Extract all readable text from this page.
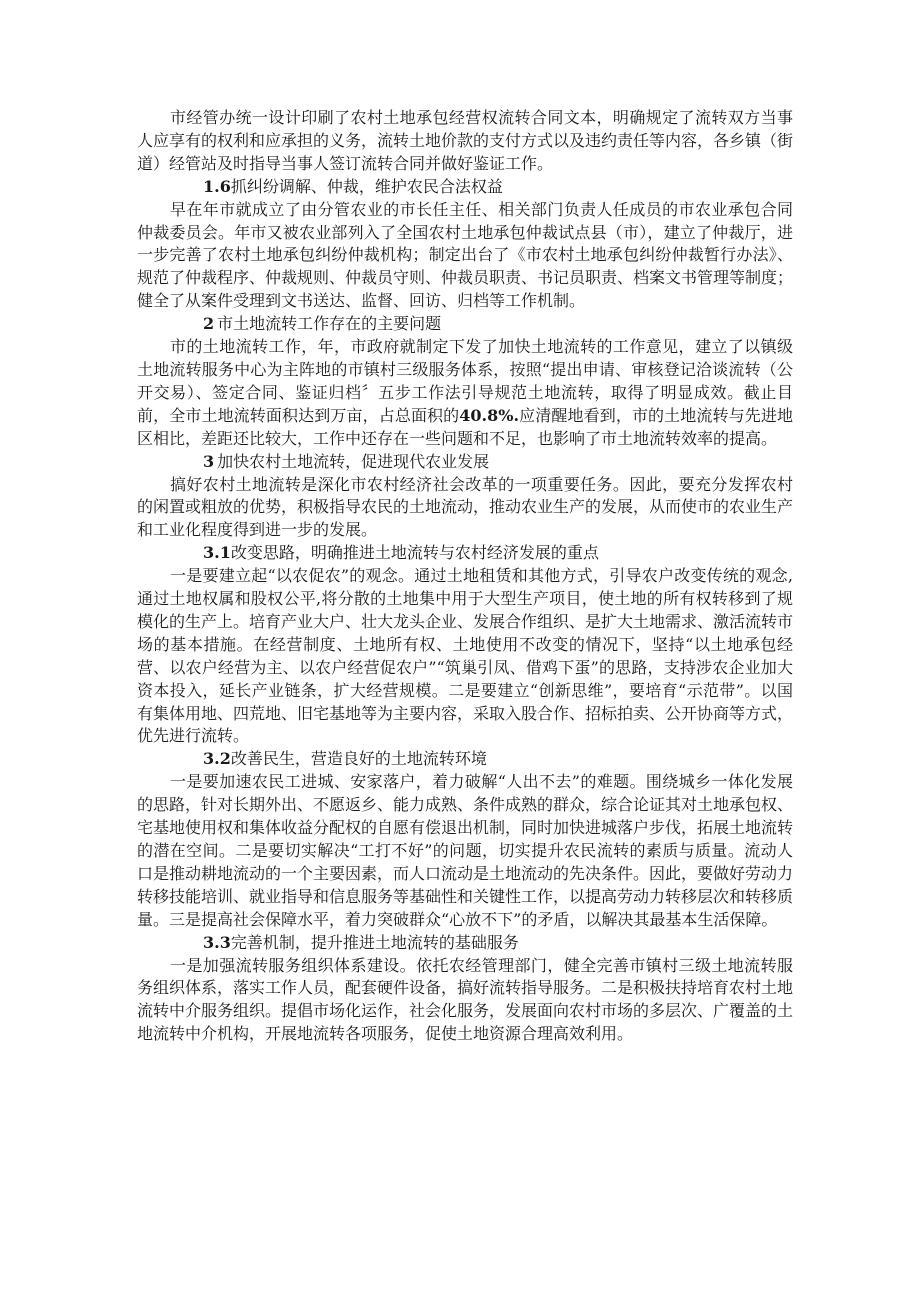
市经管办统一设计印刷了农村土地承包经营权流转合同文本，明确规定了流转双方当事人应享有的权利和应承担的义务，流转土地价款的支付方式以及违约责任等内容，各乡镇（街道）经管站及时指导当事人签订流转合同并做好鉴证工作。

1.6抓纠纷调解、仲裁，维护农民合法权益

早在年市就成立了由分管农业的市长任主任、相关部门负责人任成员的市农业承包合同仲裁委员会。年市又被农业部列入了全国农村土地承包仲裁试点县（市），建立了仲裁厅，进一步完善了农村土地承包纠纷仲裁机构；制定出台了《市农村土地承包纠纷仲裁暂行办法》、规范了仲裁程序、仲裁规则、仲裁员守则、仲裁员职责、书记员职责、档案文书管理等制度；健全了从案件受理到文书送达、监督、回访、归档等工作机制。

2 市土地流转工作存在的主要问题

市的土地流转工作，年，市政府就制定下发了加快土地流转的工作意见，建立了以镇级土地流转服务中心为主阵地的市镇村三级服务体系，按照“提出申请、审核登记洽谈流转（公开交易）、签定合同、鉴证归档〞五步工作法引导规范土地流转，取得了明显成效。截止目前，全市土地流转面积达到万亩，占总面积的40.8%.应清醒地看到，市的土地流转与先进地区相比，差距还比较大，工作中还存在一些问题和不足，也影响了市土地流转效率的提高。

3 加快农村土地流转，促进现代农业发展

搞好农村土地流转是深化市农村经济社会改革的一项重要任务。因此，要充分发挥农村的闲置或粗放的优势，积极指导农民的土地流动，推动农业生产的发展，从而使市的农业生产和工业化程度得到进一步的发展。

3.1改变思路，明确推进土地流转与农村经济发展的重点

一是要建立起“以农促农”的观念。通过土地租赁和其他方式，引导农户改变传统的观念,通过土地权属和股权公平,将分散的土地集中用于大型生产项目，使土地的所有权转移到了规模化的生产上。培育产业大户、壮大龙头企业、发展合作组织、是扩大土地需求、激活流转市场的基本措施。在经营制度、土地所有权、土地使用不改变的情况下，坚持“以土地承包经营、以农户经营为主、以农户经营促农户”“筑巢引凤、借鸡下蛋”的思路，支持涉农企业加大资本投入，延长产业链条，扩大经营规模。二是要建立“创新思维”，要培育“示范带”。以国有集体用地、四荒地、旧宅基地等为主要内容，采取入股合作、招标拍卖、公开协商等方式，优先进行流转。

3.2改善民生，营造良好的土地流转环境

一是要加速农民工进城、安家落户，着力破解“人出不去”的难题。围绕城乡一体化发展的思路，针对长期外出、不愿返乡、能力成熟、条件成熟的群众，综合论证其对土地承包权、宅基地使用权和集体收益分配权的自愿有偿退出机制，同时加快进城落户步伐，拓展土地流转的潜在空间。二是要切实解决“工打不好”的问题，切实提升农民流转的素质与质量。流动人口是推动耕地流动的一个主要因素，而人口流动是土地流动的先决条件。因此，要做好劳动力转移技能培训、就业指导和信息服务等基础性和关键性工作，以提高劳动力转移层次和转移质量。三是提高社会保障水平，着力突破群众“心放不下”的矛盾，以解决其最基本生活保障。

3.3完善机制，提升推进土地流转的基础服务

一是加强流转服务组织体系建设。依托农经管理部门，健全完善市镇村三级土地流转服务组织体系，落实工作人员，配套硬件设备，搞好流转指导服务。二是积极扶持培育农村土地流转中介服务组织。提倡市场化运作，社会化服务，发展面向农村市场的多层次、广覆盖的土地流转中介机构，开展地流转各项服务，促使土地资源合理高效利用。
